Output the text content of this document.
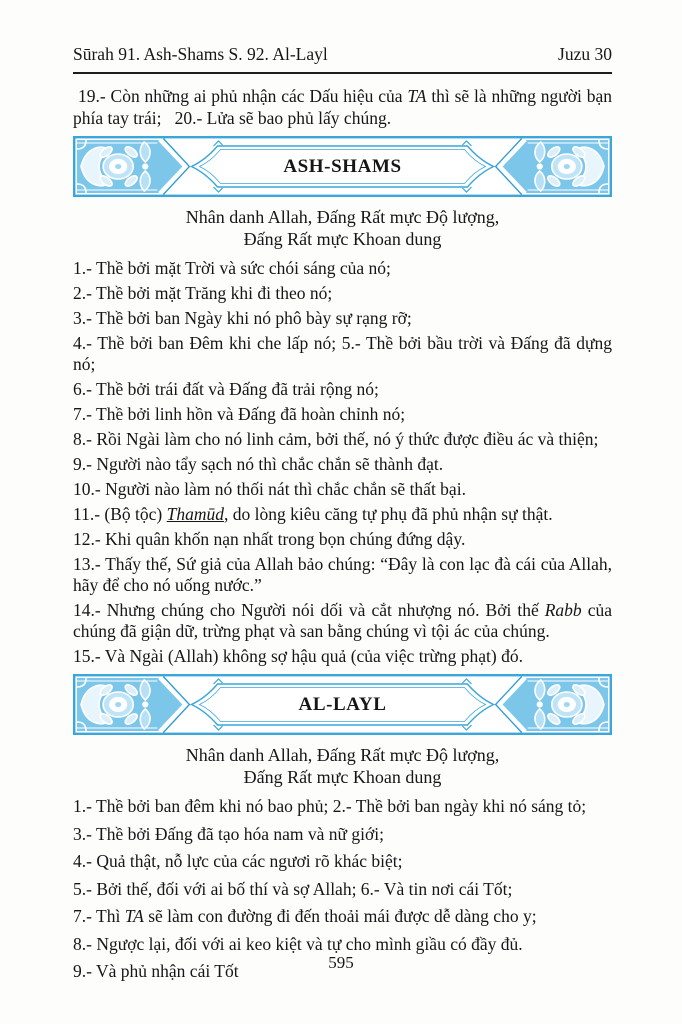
Sūrah 91. Ash-Shams S. 92. Al-Layl	Juzu 30

19.- Còn những ai phủ nhận các Dấu hiệu của TA thì sẽ là những người bạn phía tay trái;   20.- Lửa sẽ bao phủ lấy chúng.

ASH-SHAMS
Nhân danh Allah, Đấng Rất mực Độ lượng,
Đấng Rất mực Khoan dung

1.- Thề bởi mặt Trời và sức chói sáng của nó;

2.- Thề bởi mặt Trăng khi đi theo nó;

3.- Thề bởi ban Ngày khi nó phô bày sự rạng rỡ;

4.- Thề bởi ban Đêm khi che lấp nó; 5.- Thề bởi bầu trời và Đấng đã dựng nó;

6.- Thề bởi trái đất và Đấng đã trải rộng nó;

7.- Thề bởi linh hồn và Đấng đã hoàn chỉnh nó;

8.- Rồi Ngài làm cho nó linh cảm, bởi thế, nó ý thức được điều ác và thiện;

9.- Người nào tẩy sạch nó thì chắc chắn sẽ thành đạt.

10.- Người nào làm nó thối nát thì chắc chắn sẽ thất bại.

11.- (Bộ tộc) Thamūd, do lòng kiêu căng tự phụ đã phủ nhận sự thật.

12.- Khi quân khốn nạn nhất trong bọn chúng đứng dậy.

13.- Thấy thế, Sứ giả của Allah bảo chúng: “Đây là con lạc đà cái của Allah, hãy để cho nó uống nước.”

14.- Nhưng chúng cho Người nói dối và cắt nhượng nó. Bởi thế Rabb của chúng đã giận dữ, trừng phạt và san bằng chúng vì tội ác của chúng.

15.- Và Ngài (Allah) không sợ hậu quả (của việc trừng phạt) đó.

AL-LAYL
Nhân danh Allah, Đấng Rất mực Độ lượng,
Đấng Rất mực Khoan dung

1.- Thề bởi ban đêm khi nó bao phủ; 2.- Thề bởi ban ngày khi nó sáng tỏ;

3.- Thề bởi Đấng đã tạo hóa nam và nữ giới;

4.- Quả thật, nỗ lực của các ngươi rõ khác biệt;

5.- Bởi thế, đối với ai bố thí và sợ Allah; 6.- Và tin nơi cái Tốt;

7.- Thì TA sẽ làm con đường đi đến thoải mái được dễ dàng cho y;

8.- Ngược lại, đối với ai keo kiệt và tự cho mình giầu có đầy đủ.

9.- Và phủ nhận cái Tốt	595
